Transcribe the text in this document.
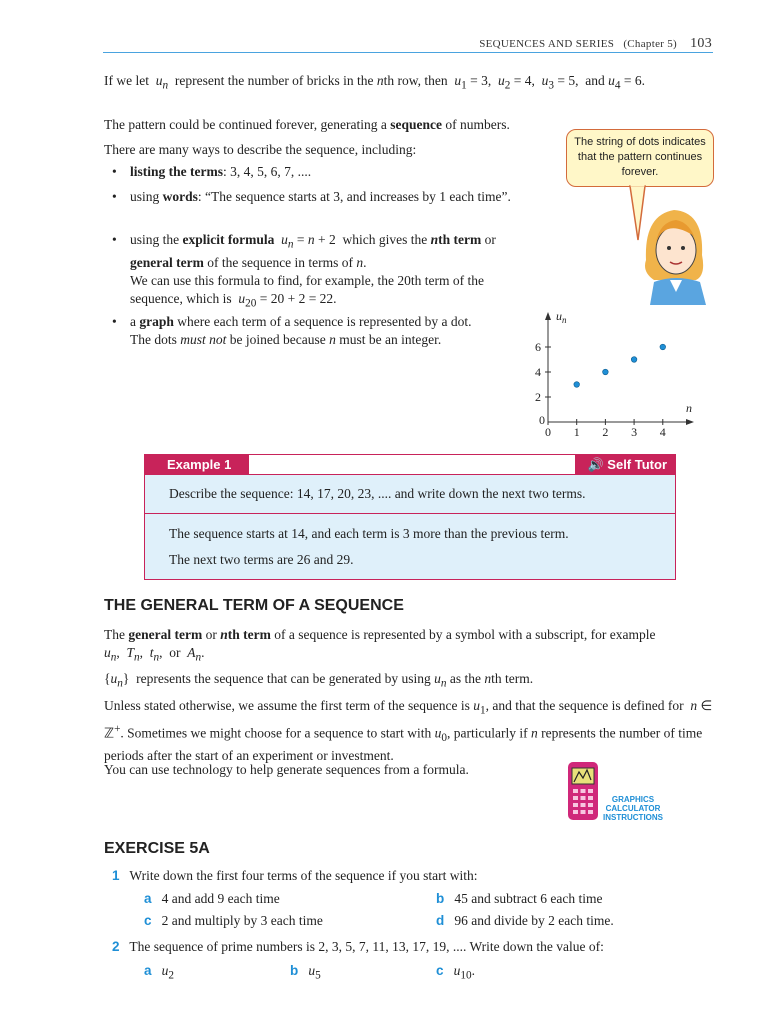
SEQUENCES AND SERIES (Chapter 5) 103
If we let $u_n$ represent the number of bricks in the nth row, then $u_1 = 3$,  $u_2 = 4$,  $u_3 = 5$,  and $u_4 = 6$.
The pattern could be continued forever, generating a sequence of numbers.
There are many ways to describe the sequence, including:
• listing the terms: 3, 4, 5, 6, 7, ....
• using words: “The sequence starts at 3, and increases by 1 each time”.
• using the explicit formula $u_n = n + 2$  which gives the nth term or general term of the sequence in terms of n.
We can use this formula to find, for example, the 20th term of the sequence, which is $u_{20} = 20 + 2 = 22$.
• a graph where each term of a sequence is represented by a dot.
The dots must not be joined because n must be an integer.
The string of dots indicates that the pattern continues forever.
0 1 2 3 4
2
4
6
0
n
$u_n$
Example 1	🔊 Self Tutor
Describe the sequence: 14, 17, 20, 23, .... and write down the next two terms.
The sequence starts at 14, and each term is 3 more than the previous term.
The next two terms are 26 and 29.
THE GENERAL TERM OF A SEQUENCE
The general term or nth term of a sequence is represented by a symbol with a subscript, for example
$u_n$,  $T_n$,  $t_n$,  or  $A_n$.
$\{u_n\}$  represents the sequence that can be generated by using $u_n$ as the nth term.
Unless stated otherwise, we assume the first term of the sequence is $u_1$, and that the sequence is defined for n ∈ ℤ+. Sometimes we might choose for a sequence to start with $u_0$, particularly if n represents the number of time periods after the start of an experiment or investment.
You can use technology to help generate sequences from a formula.
GRAPHICS
CALCULATOR
INSTRUCTIONS
EXERCISE 5A
1 Write down the first four terms of the sequence if you start with:
a 4 and add 9 each time	b 45 and subtract 6 each time
c 2 and multiply by 3 each time	d 96 and divide by 2 each time.
2 The sequence of prime numbers is 2, 3, 5, 7, 11, 13, 17, 19, .... Write down the value of:
a $u_2$	b $u_5$	c $u_{10}$.
